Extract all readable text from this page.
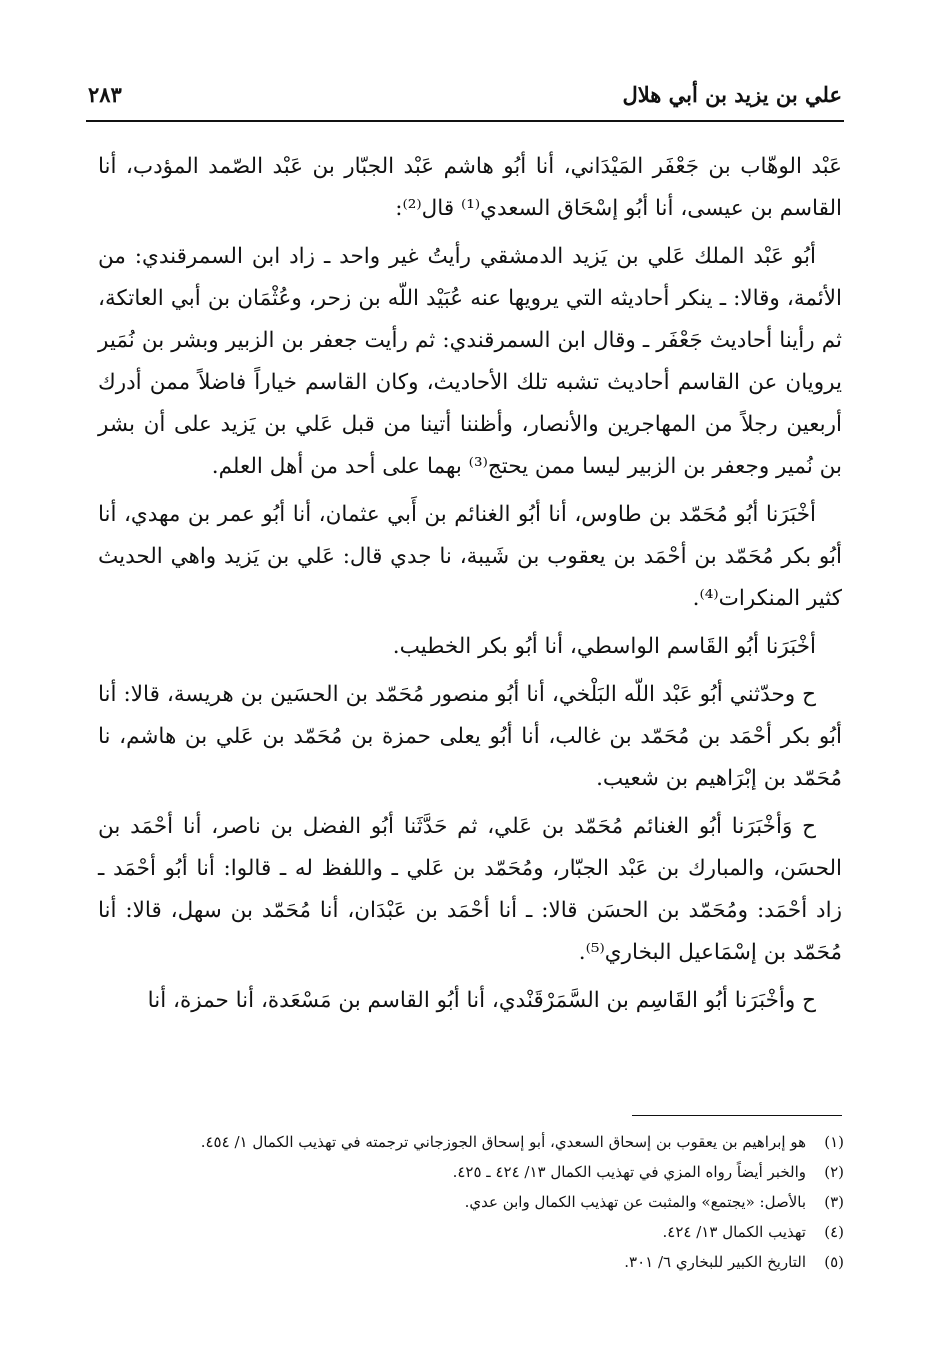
علي بن يزيد بن أبي هلال
٢٨٣

عَبْد الوهّاب بن جَعْفَر المَيْدَاني، أنا أبُو هاشم عَبْد الجبّار بن عَبْد الصّمد المؤدب، أنا القاسم بن عيسى، أنا أبُو إسْحَاق السعدي⁽¹⁾ قال⁽²⁾:

أبُو عَبْد الملك عَلي بن يَزيد الدمشقي رأيتُ غير واحد ـ زاد ابن السمرقندي: من الأئمة، وقالا: ـ ينكر أحاديثه التي يرويها عنه عُبَيْد اللّه بن زحر، وعُثْمَان بن أبي العاتكة، ثم رأينا أحاديث جَعْفَر ـ وقال ابن السمرقندي: ثم رأيت جعفر بن الزبير وبشر بن نُمَير يرويان عن القاسم أحاديث تشبه تلك الأحاديث، وكان القاسم خياراً فاضلاً ممن أدرك أربعين رجلاً من المهاجرين والأنصار، وأظننا أتينا من قبل عَلي بن يَزيد على أن بشر بن نُمير وجعفر بن الزبير ليسا ممن يحتج⁽³⁾ بهما على أحد من أهل العلم.

أخْبَرَنا أبُو مُحَمّد بن طاوس، أنا أبُو الغنائم بن أَبي عثمان، أنا أبُو عمر بن مهدي، أنا أبُو بكر مُحَمّد بن أحْمَد بن يعقوب بن شَيبة، نا جدي قال: عَلي بن يَزيد واهي الحديث كثير المنكرات⁽⁴⁾.

أخْبَرَنا أبُو القَاسم الواسطي، أنا أبُو بكر الخطيب.

ح وحدّثني أبُو عَبْد اللّه البَلْخي، أنا أبُو منصور مُحَمّد بن الحسَين بن هريسة، قالا: أنا أبُو بكر أحْمَد بن مُحَمّد بن غالب، أنا أبُو يعلى حمزة بن مُحَمّد بن عَلي بن هاشم، نا مُحَمّد بن إبْرَاهيم بن شعيب.

ح وَأخْبَرَنا أبُو الغنائم مُحَمّد بن عَلي، ثم حَدَّثَنا أبُو الفضل بن ناصر، أنا أحْمَد بن الحسَن، والمبارك بن عَبْد الجبّار، ومُحَمّد بن عَلي ـ واللفظ له ـ قالوا: أنا أبُو أحْمَد ـ زاد أحْمَد: ومُحَمّد بن الحسَن قالا: ـ أنا أحْمَد بن عَبْدَان، أنا مُحَمّد بن سهل، قالا: أنا مُحَمّد بن إسْمَاعيل البخاري⁽⁵⁾.

ح وأخْبَرَنا أبُو القَاسِم بن السَّمَرْقَنْدي، أنا أبُو القاسم بن مَسْعَدة، أنا حمزة، أنا

(١)
هو إبراهيم بن يعقوب بن إسحاق السعدي، أبو إسحاق الجوزجاني ترجمته في تهذيب الكمال ١/ ٤٥٤.
(٢)
والخبر أيضاً رواه المزي في تهذيب الكمال ١٣/ ٤٢٤ ـ ٤٢٥.
(٣)
بالأصل: «يجتمع» والمثبت عن تهذيب الكمال وابن عدي.
(٤)
تهذيب الكمال ١٣/ ٤٢٤.
(٥)
التاريخ الكبير للبخاري ٦/ ٣٠١.
